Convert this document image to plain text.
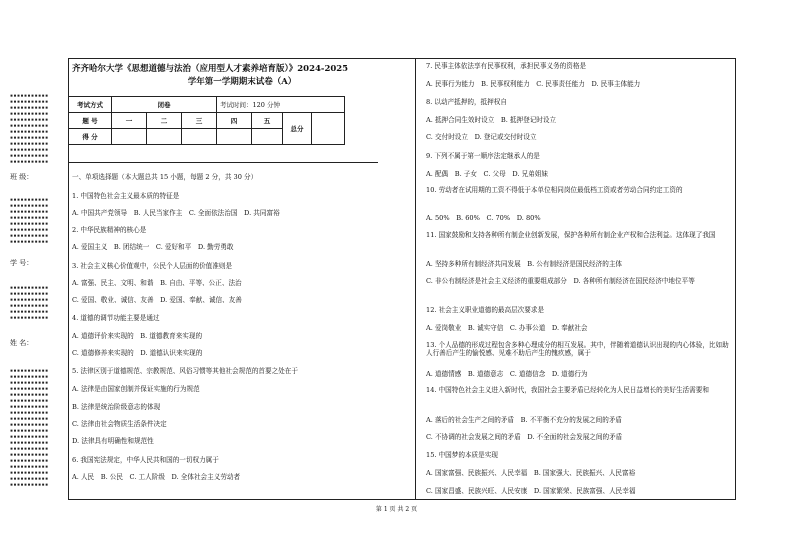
▪▪▪▪▪▪▪▪▪▪▪
▪▪▪▪▪▪▪▪▪▪▪
▪▪▪▪▪▪▪▪▪▪▪
▪▪▪▪▪▪▪▪▪▪▪
▪▪▪▪▪▪▪▪▪▪▪
▪▪▪▪▪▪▪▪▪▪▪
▪▪▪▪▪▪▪▪▪▪▪
▪▪▪▪▪▪▪▪▪▪▪
▪▪▪▪▪▪▪▪▪▪▪
▪▪▪▪▪▪▪▪▪▪▪
▪▪▪▪▪▪▪▪▪▪▪
▪▪▪▪▪▪▪▪▪▪▪
班 级：
▪▪▪▪▪▪▪▪▪▪▪
▪▪▪▪▪▪▪▪▪▪▪
▪▪▪▪▪▪▪▪▪▪▪
▪▪▪▪▪▪▪▪▪▪▪
▪▪▪▪▪▪▪▪▪▪▪
▪▪▪▪▪▪▪▪▪▪▪
▪▪▪▪▪▪▪▪▪▪▪
▪▪▪▪▪▪▪▪▪▪▪
学 号：
▪▪▪▪▪▪▪▪▪▪▪
▪▪▪▪▪▪▪▪▪▪▪
▪▪▪▪▪▪▪▪▪▪▪
▪▪▪▪▪▪▪▪▪▪▪
▪▪▪▪▪▪▪▪▪▪▪
▪▪▪▪▪▪▪▪▪▪▪
姓 名：
▪▪▪▪▪▪▪▪▪▪▪
▪▪▪▪▪▪▪▪▪▪▪
▪▪▪▪▪▪▪▪▪▪▪
▪▪▪▪▪▪▪▪▪▪▪
▪▪▪▪▪▪▪▪▪▪▪
▪▪▪▪▪▪▪▪▪▪▪
▪▪▪▪▪▪▪▪▪▪▪
▪▪▪▪▪▪▪▪▪▪▪
▪▪▪▪▪▪▪▪▪▪▪
▪▪▪▪▪▪▪▪▪▪▪
▪▪▪▪▪▪▪▪▪▪▪
▪▪▪▪▪▪▪▪▪▪▪
▪▪▪▪▪▪▪▪▪▪▪
▪▪▪▪▪▪▪▪▪▪▪
▪▪▪▪▪▪▪▪▪▪▪
▪▪▪▪▪▪▪▪▪▪▪
▪▪▪▪▪▪▪▪▪▪▪
▪▪▪▪▪▪▪▪▪▪▪
▪▪▪▪▪▪▪▪▪▪▪
▪▪▪▪▪▪▪▪▪▪▪
齐齐哈尔大学《思想道德与法治（应用型人才素养培育版）》2024-2025
学年第一学期期末试卷（A）
考试方式	闭卷			考试时间：120 分钟			
题 号	一	二	三	四	五	总分	
得 分							
一、单项选择题（本大题总共 15 小题，每题 2 分，共 30 分）
1. 中国特色社会主义最本质的特征是
A. 中国共产党领导　B. 人民当家作主　C. 全面依法治国　D. 共同富裕
2. 中华民族精神的核心是
A. 爱国主义　B. 团结统一　C. 爱好和平　D. 勤劳勇敢
3. 社会主义核心价值观中，公民个人层面的价值准则是
A. 富强、民主、文明、和谐　B. 自由、平等、公正、法治
C. 爱国、敬业、诚信、友善　D. 爱国、奉献、诚信、友善
4. 道德的调节功能主要是通过
A. 道德评价来实现的　B. 道德教育来实现的
C. 道德修养来实现的　D. 道德认识来实现的
5. 法律区别于道德规范、宗教规范、风俗习惯等其他社会规范的首要之处在于
A. 法律是由国家创制并保证实施的行为规范
B. 法律是统治阶级意志的体现
C. 法律由社会物质生活条件决定
D. 法律具有明确性和规范性
6. 我国宪法规定，中华人民共和国的一切权力属于
A. 人民　B. 公民　C. 工人阶级　D. 全体社会主义劳动者
7. 民事主体依法享有民事权利，承担民事义务的资格是
A. 民事行为能力　B. 民事权利能力　C. 民事责任能力　D. 民事主体能力
8. 以动产抵押的，抵押权自
A. 抵押合同生效时设立　B. 抵押登记时设立
C. 交付时设立　D. 登记或交付时设立
9. 下列不属于第一顺序法定继承人的是
A. 配偶　B. 子女　C. 父母　D. 兄弟姐妹
10. 劳动者在试用期的工资不得低于本单位相同岗位最低档工资或者劳动合同约定工资的
A. 50%　B. 60%　C. 70%　D. 80%
11. 国家鼓励和支持各种所有制企业创新发展，保护各种所有制企业产权和合法利益。这体现了我国
A. 坚持多种所有制经济共同发展　B. 公有制经济是国民经济的主体
C. 非公有制经济是社会主义经济的重要组成部分　D. 各种所有制经济在国民经济中地位平等
12. 社会主义职业道德的最高层次要求是
A. 爱岗敬业　B. 诚实守信　C. 办事公道　D. 奉献社会
13. 个人品德的形成过程包含多种心理成分的相互发展。其中，伴随着道德认识出现的内心体验，比如助人行善后产生的愉悦感、见难不助后产生的愧疚感，属于
A. 道德情感　B. 道德意志　C. 道德信念　D. 道德行为
14. 中国特色社会主义进入新时代，我国社会主要矛盾已经转化为人民日益增长的美好生活需要和
A. 落后的社会生产之间的矛盾　B. 不平衡不充分的发展之间的矛盾
C. 不协调的社会发展之间的矛盾　D. 不全面的社会发展之间的矛盾
15. 中国梦的本质是实现
A. 国家富强、民族振兴、人民幸福　B. 国家强大、民族振兴、人民富裕
C. 国家昌盛、民族兴旺、人民安康　D. 国家繁荣、民族富强、人民幸福
第 1 页 共 2 页
